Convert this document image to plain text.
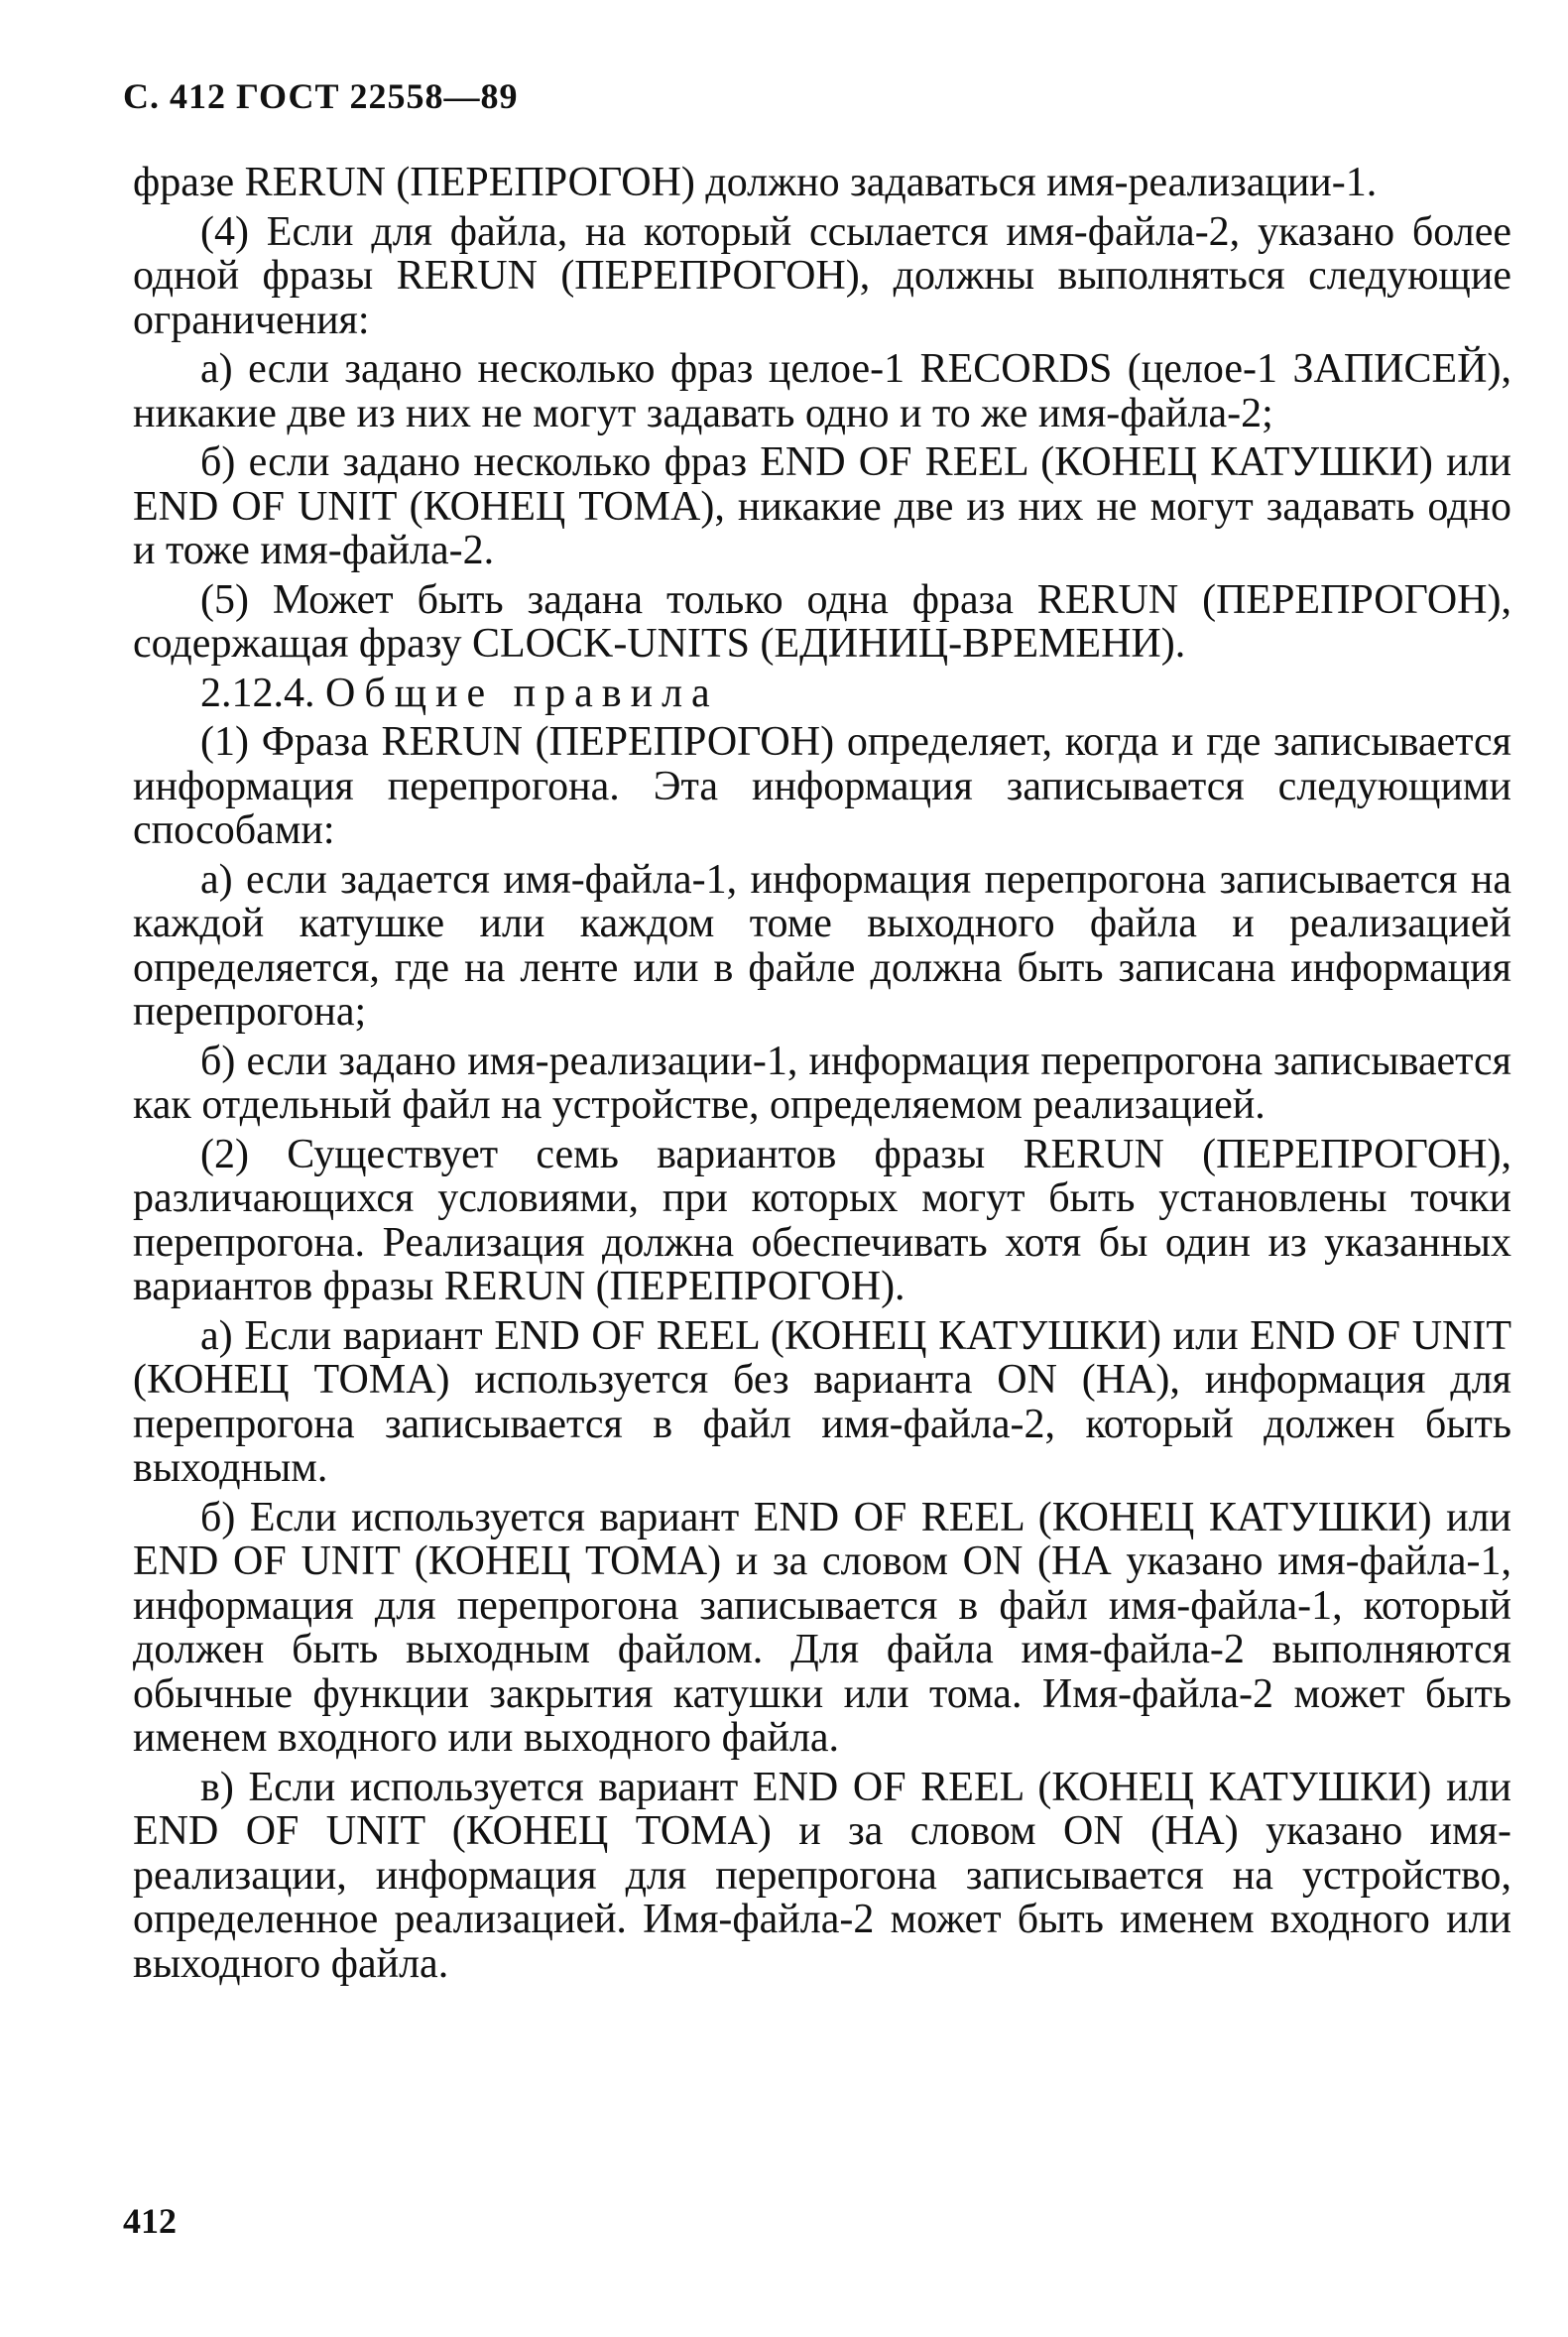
С. 412 ГОСТ 22558—89

фразе RERUN (ПЕРЕПРОГОН) должно задаваться имя-реализации-1.

(4) Если для файла, на который ссылается имя-файла-2, указано более одной фразы RERUN (ПЕРЕПРОГОН), должны выполняться следующие ограничения:

а) если задано несколько фраз целое-1 RECORDS (целое-1 ЗАПИСЕЙ), никакие две из них не могут задавать одно и то же имя-файла-2;

б) если задано несколько фраз END OF REEL (КОНЕЦ КАТУШКИ) или END OF UNIT (КОНЕЦ ТОМА), никакие две из них не могут задавать одно и тоже имя-файла-2.

(5) Может быть задана только одна фраза RERUN (ПЕРЕПРОГОН), содержащая фразу CLOCK-UNITS (ЕДИНИЦ-ВРЕМЕНИ).

2.12.4. Общие правила

(1) Фраза RERUN (ПЕРЕПРОГОН) определяет, когда и где записывается информация перепрогона. Эта информация записывается следующими способами:

а) если задается имя-файла-1, информация перепрогона записывается на каждой катушке или каждом томе выходного файла и реализацией определяется, где на ленте или в файле должна быть записана информация перепрогона;

б) если задано имя-реализации-1, информация перепрогона записывается как отдельный файл на устройстве, определяемом реализацией.

(2) Существует семь вариантов фразы RERUN (ПЕРЕПРОГОН), различающихся условиями, при которых могут быть установлены точки перепрогона. Реализация должна обеспечивать хотя бы один из указанных вариантов фразы RERUN (ПЕРЕПРОГОН).

а) Если вариант END OF REEL (КОНЕЦ КАТУШКИ) или END OF UNIT (КОНЕЦ ТОМА) используется без варианта ON (НА), информация для перепрогона записывается в файл имя-файла-2, который должен быть выходным.

б) Если используется вариант END OF REEL (КОНЕЦ КАТУШКИ) или END OF UNIT (КОНЕЦ ТОМА) и за словом ON (НА указано имя-файла-1, информация для перепрогона записывается в файл имя-файла-1, который должен быть выходным файлом. Для файла имя-файла-2 выполняются обычные функции закрытия катушки или тома. Имя-файла-2 может быть именем входного или выходного файла.

в) Если используется вариант END OF REEL (КОНЕЦ КАТУШКИ) или END OF UNIT (КОНЕЦ ТОМА) и за словом ON (НА) указано имя-реализации, информация для перепрогона записывается на устройство, определенное реализацией. Имя-файла-2 может быть именем входного или выходного файла.

412
